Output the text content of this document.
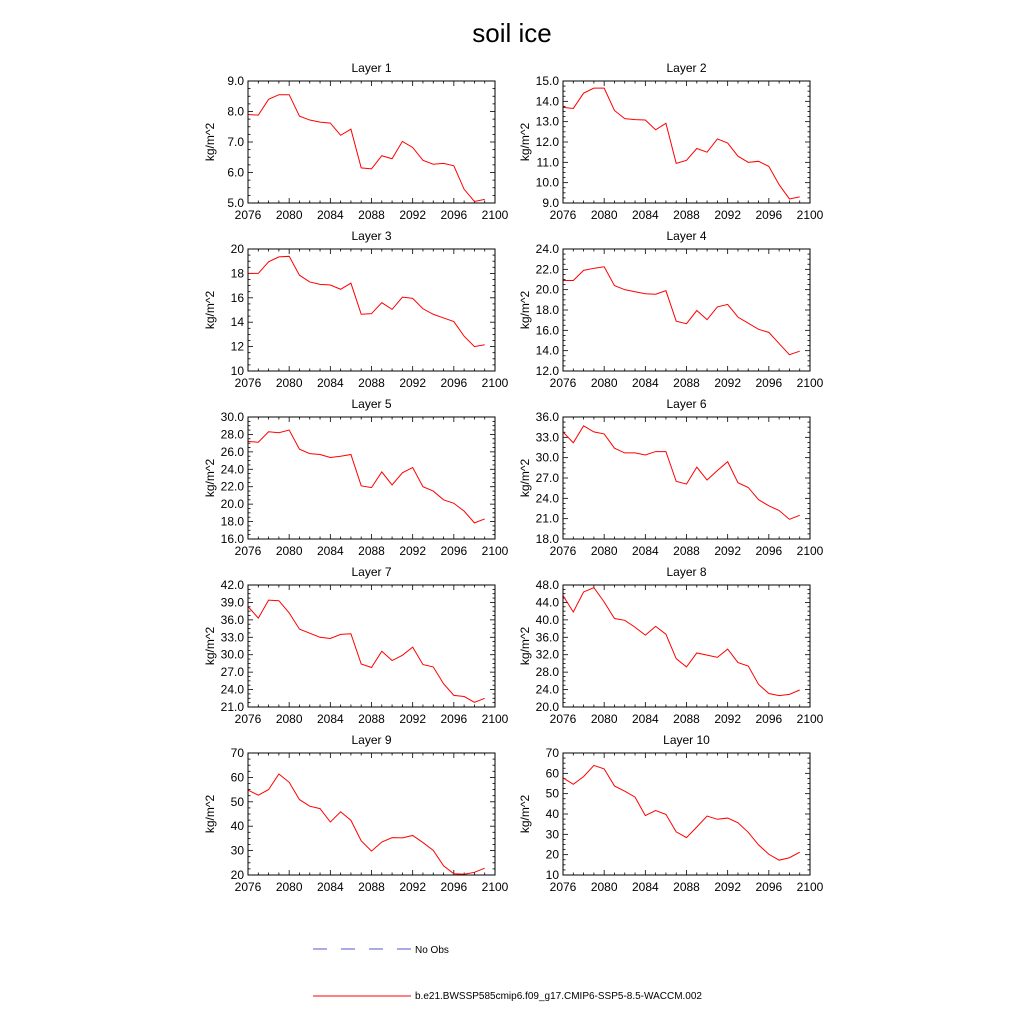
soil ice
Layer 1
kg/m^2
2076 2080 2084 2088 2092 2096 2100
5.0
6.0
7.0
8.0
9.0
Layer 2
kg/m^2
2076 2080 2084 2088 2092 2096 2100
9.0
10.0
11.0
12.0
13.0
14.0
15.0
Layer 3
kg/m^2
2076 2080 2084 2088 2092 2096 2100
10
12
14
16
18
20
Layer 4
kg/m^2
2076 2080 2084 2088 2092 2096 2100
12.0
14.0
16.0
18.0
20.0
22.0
24.0
Layer 5
kg/m^2
2076 2080 2084 2088 2092 2096 2100
16.0
18.0
20.0
22.0
24.0
26.0
28.0
30.0
Layer 6
kg/m^2
2076 2080 2084 2088 2092 2096 2100
18.0
21.0
24.0
27.0
30.0
33.0
36.0
Layer 7
kg/m^2
2076 2080 2084 2088 2092 2096 2100
21.0
24.0
27.0
30.0
33.0
36.0
39.0
42.0
Layer 8
kg/m^2
2076 2080 2084 2088 2092 2096 2100
20.0
24.0
28.0
32.0
36.0
40.0
44.0
48.0
Layer 9
kg/m^2
2076 2080 2084 2088 2092 2096 2100
20
30
40
50
60
70
Layer 10
kg/m^2
2076 2080 2084 2088 2092 2096 2100
10
20
30
40
50
60
70
No Obs
b.e21.BWSSP585cmip6.f09_g17.CMIP6-SSP5-8.5-WACCM.002
